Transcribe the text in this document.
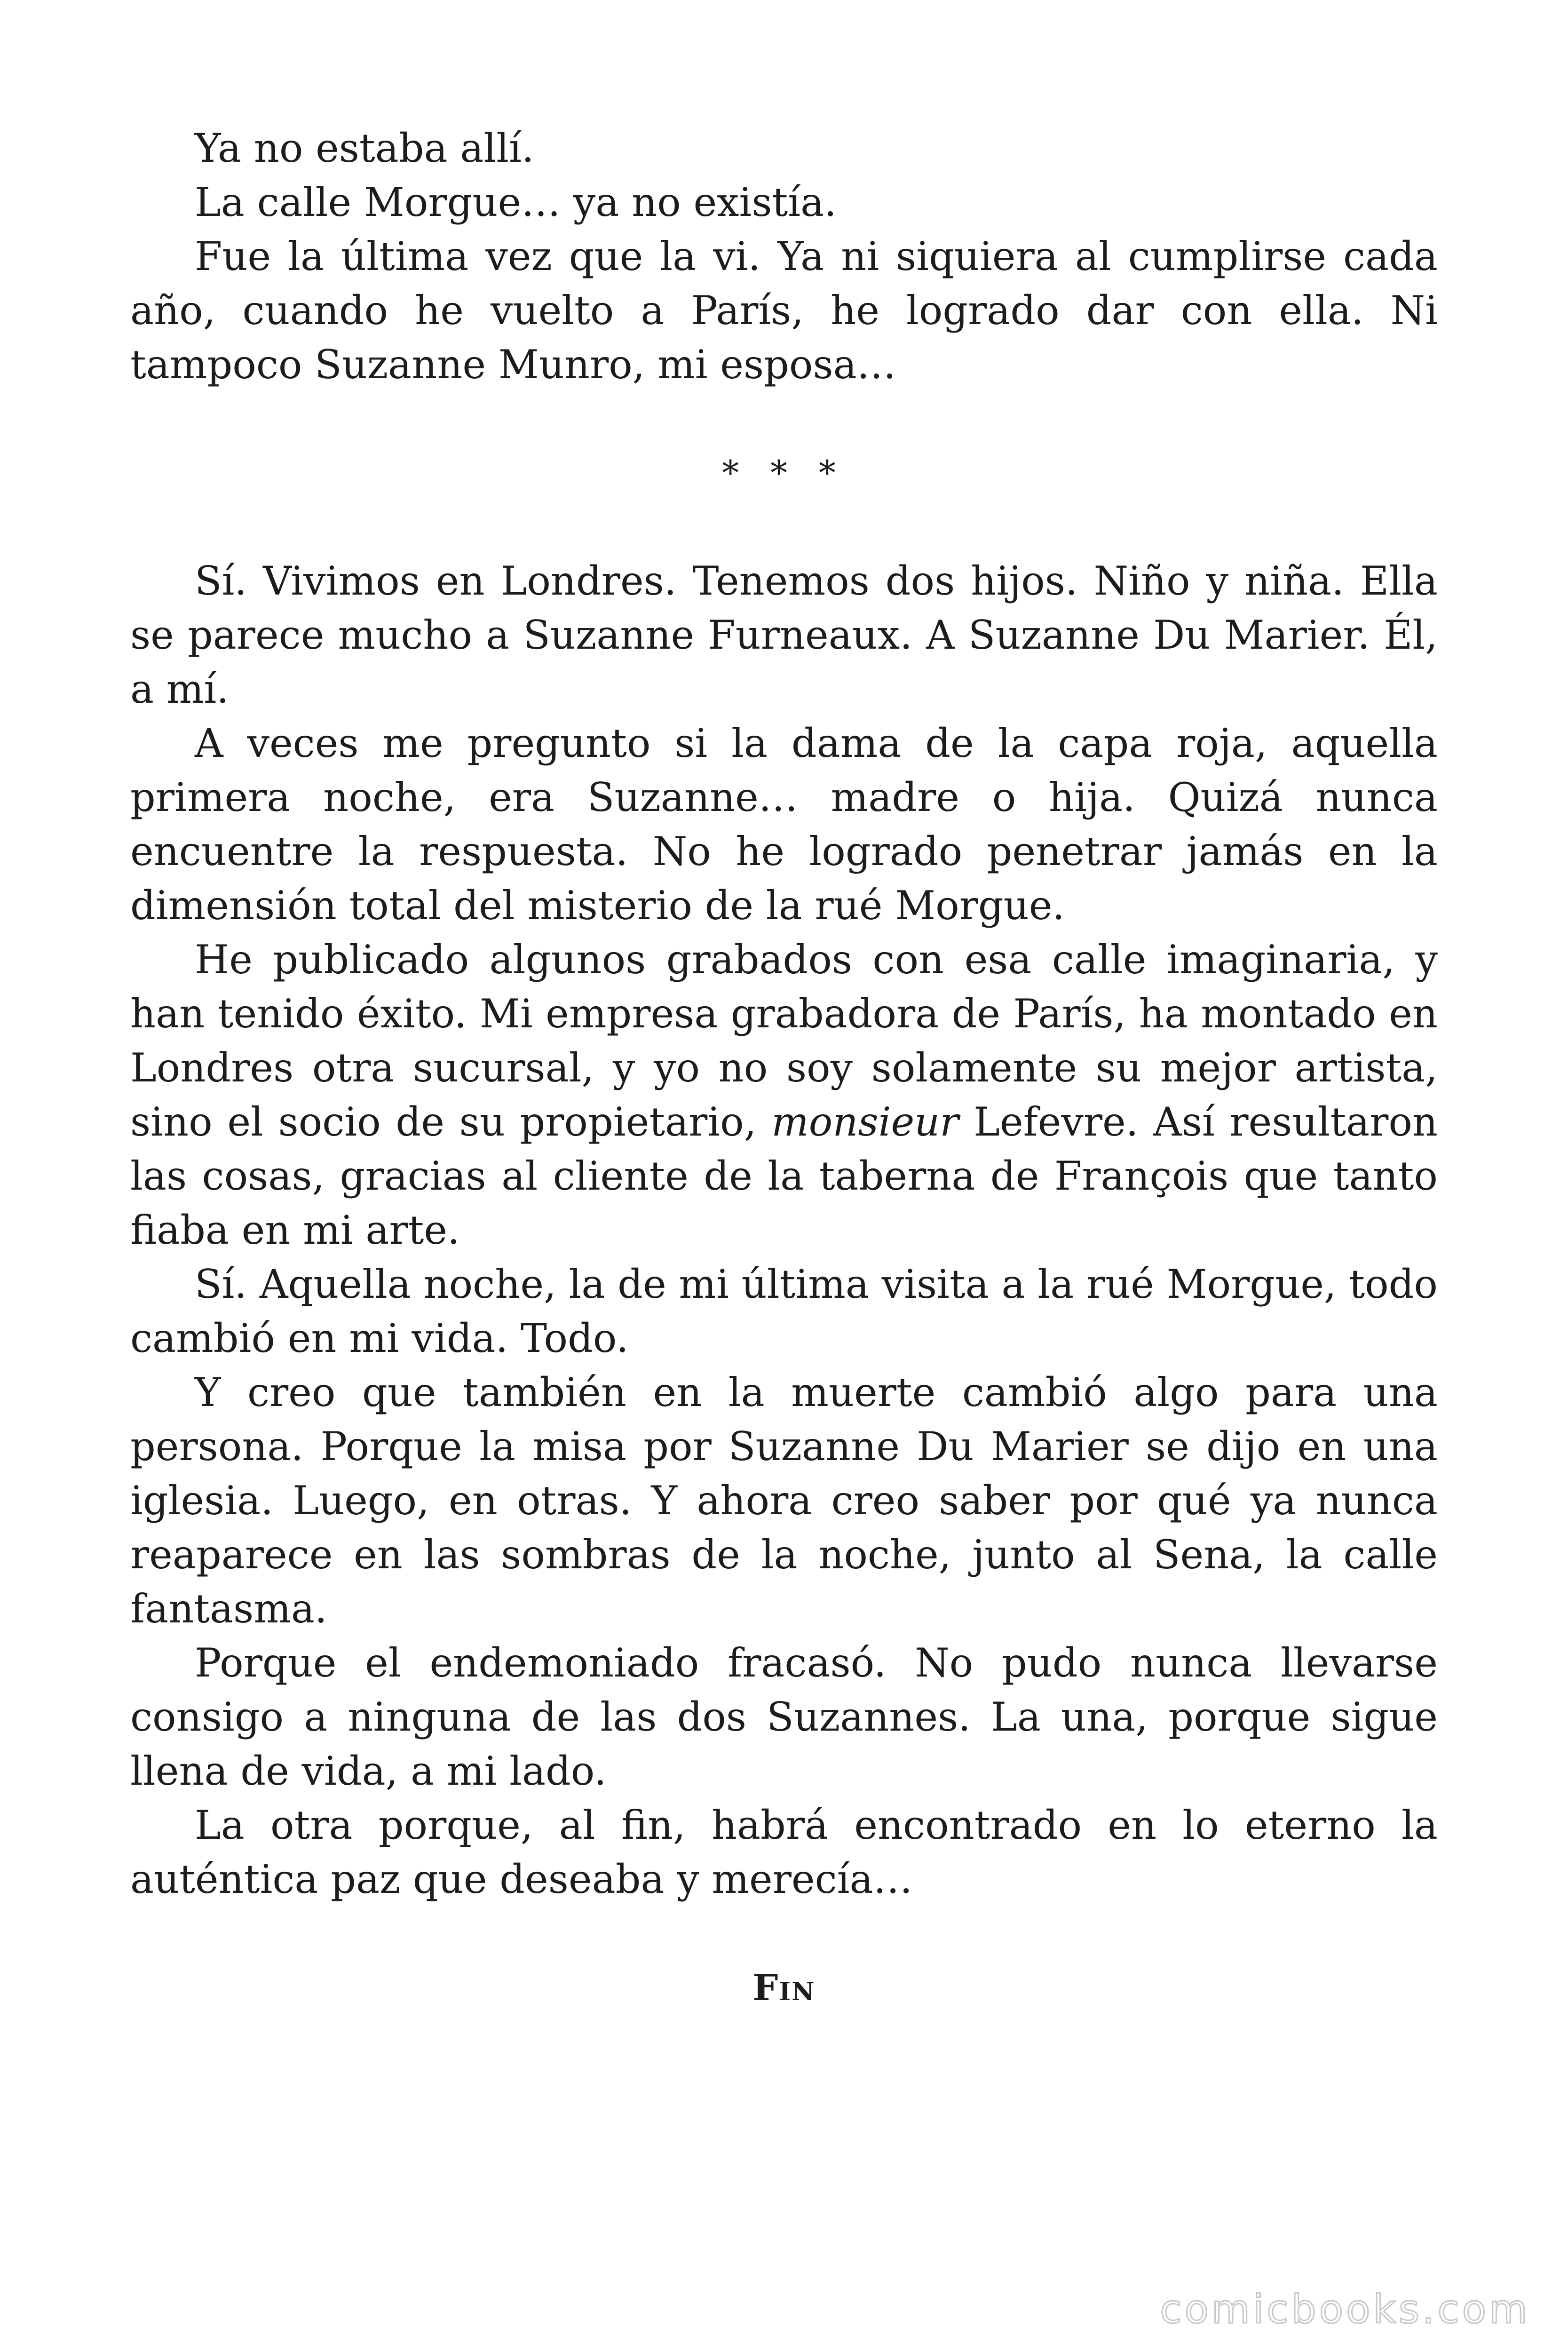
Ya no estaba allí.

La calle Morgue… ya no existía.

Fue la última vez que la vi. Ya ni siquiera al cumplirse cada año, cuando he vuelto a París, he logrado dar con ella. Ni tampoco Suzanne Munro, mi esposa…

* * *

Sí. Vivimos en Londres. Tenemos dos hijos. Niño y niña. Ella se parece mucho a Suzanne Furneaux. A Suzanne Du Marier. Él, a mí.

A veces me pregunto si la dama de la capa roja, aquella primera noche, era Suzanne… madre o hija. Quizá nunca encuentre la respuesta. No he logrado penetrar jamás en la dimensión total del misterio de la rué Morgue.

He publicado algunos grabados con esa calle imaginaria, y han tenido éxito. Mi empresa grabadora de París, ha montado en Londres otra sucursal, y yo no soy solamente su mejor artista, sino el socio de su propietario, monsieur Lefevre. Así resultaron las cosas, gracias al cliente de la taberna de François que tanto fiaba en mi arte.

Sí. Aquella noche, la de mi última visita a la rué Morgue, todo cambió en mi vida. Todo.

Y creo que también en la muerte cambió algo para una persona. Porque la misa por Suzanne Du Marier se dijo en una iglesia. Luego, en otras. Y ahora creo saber por qué ya nunca reaparece en las sombras de la noche, junto al Sena, la calle fantasma.

Porque el endemoniado fracasó. No pudo nunca llevarse consigo a ninguna de las dos Suzannes. La una, porque sigue llena de vida, a mi lado.

La otra porque, al fin, habrá encontrado en lo eterno la auténtica paz que deseaba y merecía…

Fin

comicbooks.com
